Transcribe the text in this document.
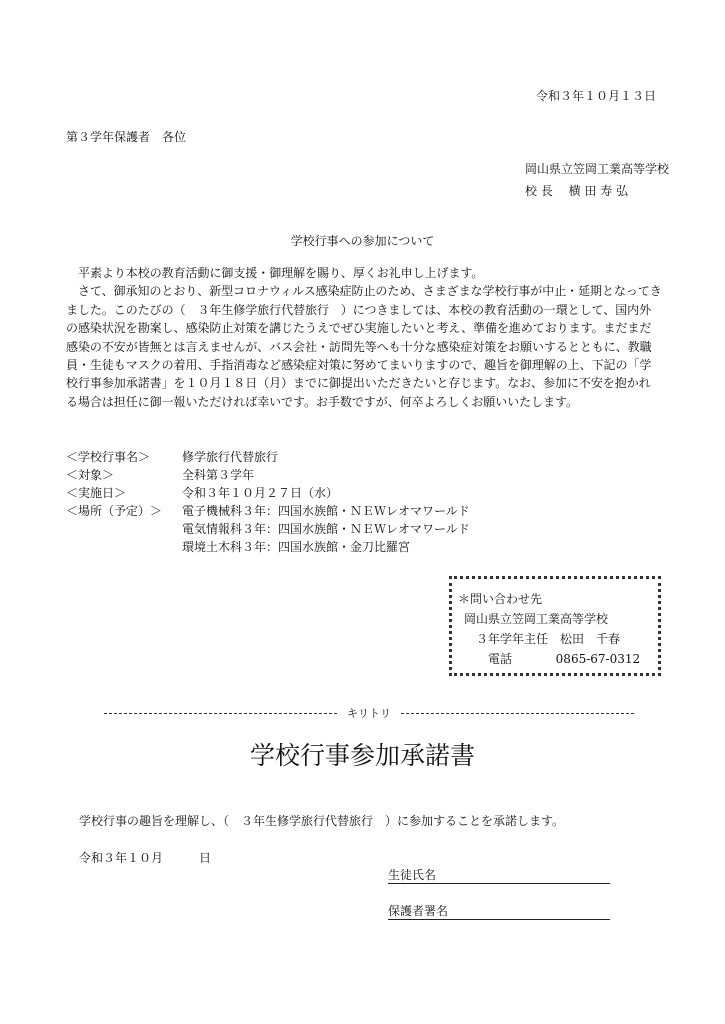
令和３年１０月１３日
第３学年保護者　各位
岡山県立笠岡工業高等学校
校 長　 横 田 寿 弘
学校行事への参加について

平素より本校の教育活動に御支援・御理解を賜り、厚くお礼申し上げます。

さて、御承知のとおり、新型コロナウィルス感染症防止のため、さまざまな学校行事が中止・延期となってきました。このたびの（　３年生修学旅行代替旅行　）につきましては、本校の教育活動の一環として、国内外の感染状況を勘案し、感染防止対策を講じたうえでぜひ実施したいと考え、準備を進めております。まだまだ感染の不安が皆無とは言えませんが、バス会社・訪問先等へも十分な感染症対策をお願いするとともに、教職員・生徒もマスクの着用、手指消毒など感染症対策に努めてまいりますので、趣旨を御理解の上、下記の「学校行事参加承諾書」を１０月１８日（月）までに御提出いただきたいと存じます。なお、参加に不安を抱かれる場合は担任に御一報いただければ幸いです。お手数ですが、何卒よろしくお願いいたします。

＜学校行事名＞	修学旅行代替旅行
＜対象＞	全科第３学年
＜実施日＞	令和３年１０月２７日（水）
＜場所（予定）＞	電子機械科３年：四国水族館・ＮＥＷレオマワールド
電気情報科３年：四国水族館・ＮＥＷレオマワールド
環境土木科３年：四国水族館・金刀比羅宮
＊問い合わせ先
岡山県立笠岡工業高等学校
３年学年主任　松田　千春
電話	0865-67-0312
キリトリ
学校行事参加承諾書
学校行事の趣旨を理解し、（　３年生修学旅行代替旅行　）に参加することを承諾します。
令和３年１０月　　　日
生徒氏名
保護者署名
